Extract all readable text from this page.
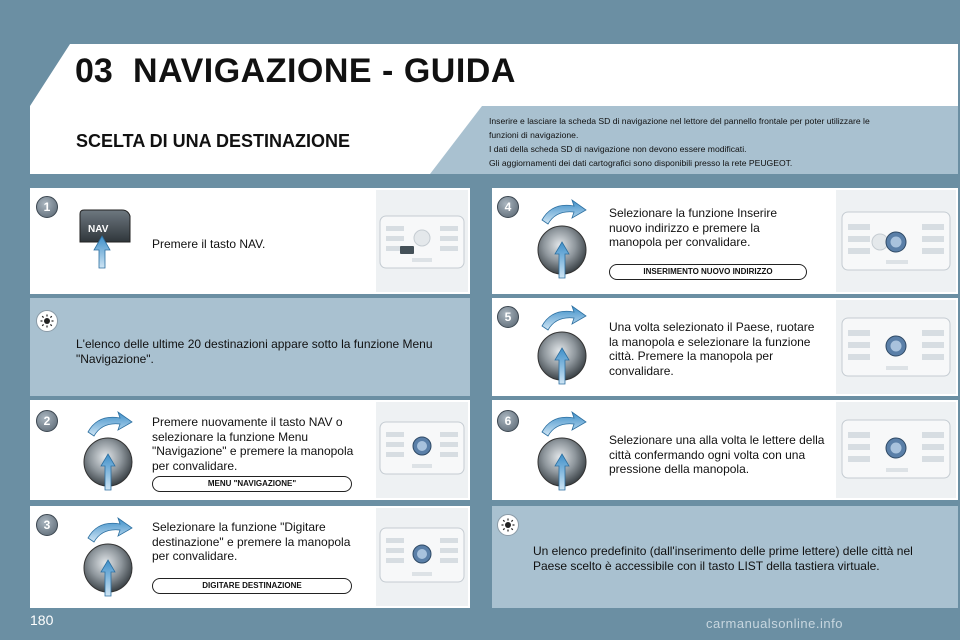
03 NAVIGAZIONE - GUIDA
SCELTA DI UNA DESTINAZIONE
Inserire e lasciare la scheda SD di navigazione nel lettore del pannello frontale per poter utilizzare le
funzioni di navigazione.
I dati della scheda SD di navigazione non devono essere modificati.
Gli aggiornamenti dei dati cartografici sono disponibili presso la rete PEUGEOT.
1
NAV
Premere il tasto NAV.
L'elenco delle ultime 20 destinazioni appare sotto la funzione Menu "Navigazione".
2	Premere nuovamente il tasto NAV o selezionare la funzione Menu "Navigazione" e premere la manopola per convalidare.
MENU "NAVIGAZIONE"
3	Selezionare la funzione "Digitare destinazione" e premere la manopola per convalidare.
DIGITARE DESTINAZIONE
4	Selezionare la funzione Inserire nuovo indirizzo e premere la manopola per convalidare.
INSERIMENTO NUOVO INDIRIZZO
5
Una volta selezionato il Paese, ruotare la manopola e selezionare la funzione città. Premere la manopola per convalidare.
6
Selezionare una alla volta le lettere della città confermando ogni volta con una pressione della manopola.
Un elenco predefinito (dall'inserimento delle prime lettere) delle città nel Paese scelto è accessibile con il tasto LIST della tastiera virtuale.
180	carmanualsonline.info
